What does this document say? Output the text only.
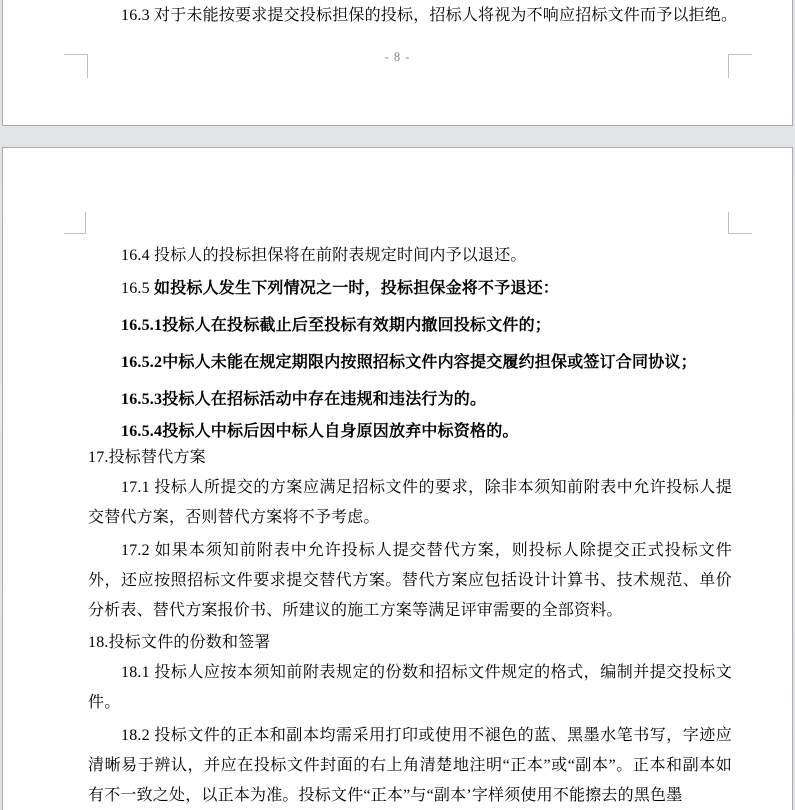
16.3 对于未能按要求提交投标担保的投标，招标人将视为不响应招标文件而予以拒绝。

- 8 -

16.4 投标人的投标担保将在前附表规定时间内予以退还。

16.5 如投标人发生下列情况之一时，投标担保金将不予退还：

16.5.1投标人在投标截止后至投标有效期内撤回投标文件的；

16.5.2中标人未能在规定期限内按照招标文件内容提交履约担保或签订合同协议；

16.5.3投标人在招标活动中存在违规和违法行为的。

16.5.4投标人中标后因中标人自身原因放弃中标资格的。

17.投标替代方案

17.1 投标人所提交的方案应满足招标文件的要求，除非本须知前附表中允许投标人提交替代方案，否则替代方案将不予考虑。

17.2 如果本须知前附表中允许投标人提交替代方案，则投标人除提交正式投标文件外，还应按照招标文件要求提交替代方案。替代方案应包括设计计算书、技术规范、单价分析表、替代方案报价书、所建议的施工方案等满足评审需要的全部资料。

18.投标文件的份数和签署

18.1 投标人应按本须知前附表规定的份数和招标文件规定的格式，编制并提交投标文件。

18.2 投标文件的正本和副本均需采用打印或使用不褪色的蓝、黑墨水笔书写，字迹应清晰易于辨认，并应在投标文件封面的右上角清楚地注明“正本”或“副本”。正本和副本如有不一致之处，以正本为准。投标文件“正本”与“副本’字样须使用不能擦去的黑色墨
